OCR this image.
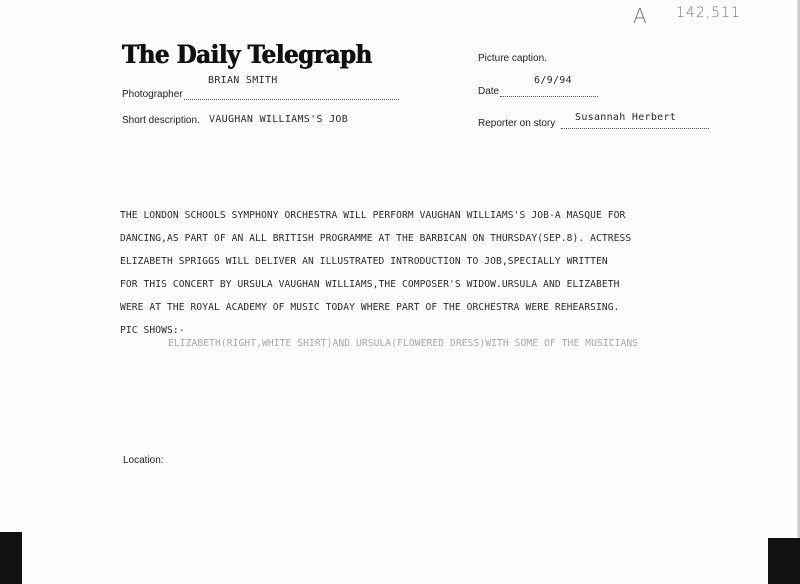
The Daily Telegraph
A 142,511
Picture caption.
BRIAN SMITH
Photographer
6/9/94
Date
Short description. VAUGHAN WILLIAMS'S JOB	Reporter on story
Susannah Herbert
THE LONDON SCHOOLS SYMPHONY ORCHESTRA WILL PERFORM VAUGHAN WILLIAMS'S JOB-A MASQUE FOR
DANCING,AS PART OF AN ALL BRITISH PROGRAMME AT THE BARBICAN ON THURSDAY(SEP.8). ACTRESS
ELIZABETH SPRIGGS WILL DELIVER AN ILLUSTRATED INTRODUCTION TO JOB,SPECIALLY WRITTEN
FOR THIS CONCERT BY URSULA VAUGHAN WILLIAMS,THE COMPOSER'S WIDOW.URSULA AND ELIZABETH
WERE AT THE ROYAL ACADEMY OF MUSIC TODAY WHERE PART OF THE ORCHESTRA WERE REHEARSING.
PIC SHOWS:-
ELIZABETH(RIGHT,WHITE SHIRT)AND URSULA(FLOWERED DRESS)WITH SOME OF THE MUSICIANS
Location:
